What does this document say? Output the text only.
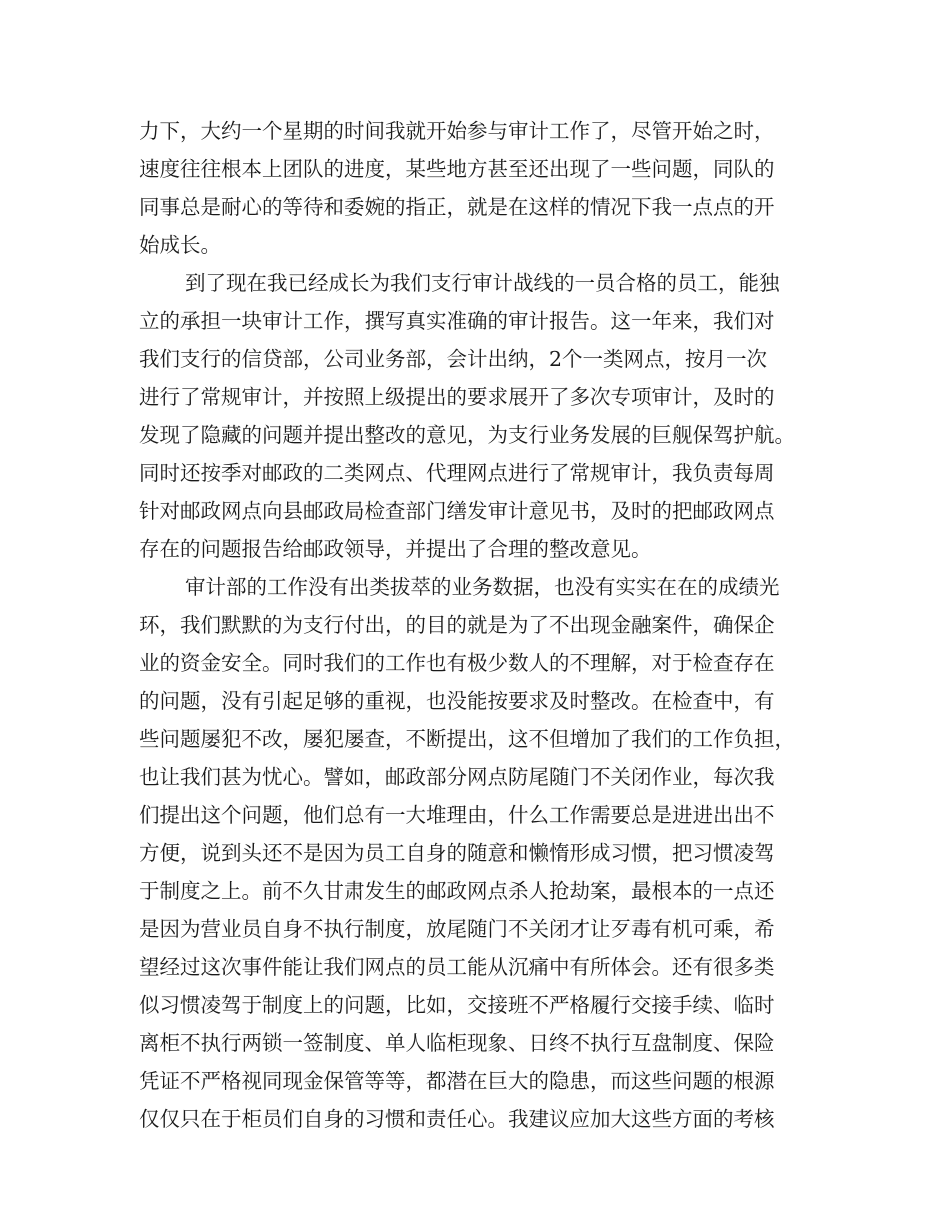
力下，大约一个星期的时间我就开始参与审计工作了，尽管开始之时，
速度往往根本上团队的进度，某些地方甚至还出现了一些问题，同队的
同事总是耐心的等待和委婉的指正，就是在这样的情况下我一点点的开
始成长。
到了现在我已经成长为我们支行审计战线的一员合格的员工，能独
立的承担一块审计工作，撰写真实准确的审计报告。这一年来，我们对
我们支行的信贷部，公司业务部，会计出纳，2个一类网点，按月一次
进行了常规审计，并按照上级提出的要求展开了多次专项审计，及时的
发现了隐藏的问题并提出整改的意见，为支行业务发展的巨舰保驾护航。
同时还按季对邮政的二类网点、代理网点进行了常规审计，我负责每周
针对邮政网点向县邮政局检查部门缮发审计意见书，及时的把邮政网点
存在的问题报告给邮政领导，并提出了合理的整改意见。
审计部的工作没有出类拔萃的业务数据，也没有实实在在的成绩光
环，我们默默的为支行付出，的目的就是为了不出现金融案件，确保企
业的资金安全。同时我们的工作也有极少数人的不理解，对于检查存在
的问题，没有引起足够的重视，也没能按要求及时整改。在检查中，有
些问题屡犯不改，屡犯屡查，不断提出，这不但增加了我们的工作负担，
也让我们甚为忧心。譬如，邮政部分网点防尾随门不关闭作业，每次我
们提出这个问题，他们总有一大堆理由，什么工作需要总是进进出出不
方便，说到头还不是因为员工自身的随意和懒惰形成习惯，把习惯凌驾
于制度之上。前不久甘肃发生的邮政网点杀人抢劫案，最根本的一点还
是因为营业员自身不执行制度，放尾随门不关闭才让歹毒有机可乘，希
望经过这次事件能让我们网点的员工能从沉痛中有所体会。还有很多类
似习惯凌驾于制度上的问题，比如，交接班不严格履行交接手续、临时
离柜不执行两锁一签制度、单人临柜现象、日终不执行互盘制度、保险
凭证不严格视同现金保管等等，都潜在巨大的隐患，而这些问题的根源
仅仅只在于柜员们自身的习惯和责任心。我建议应加大这些方面的考核
